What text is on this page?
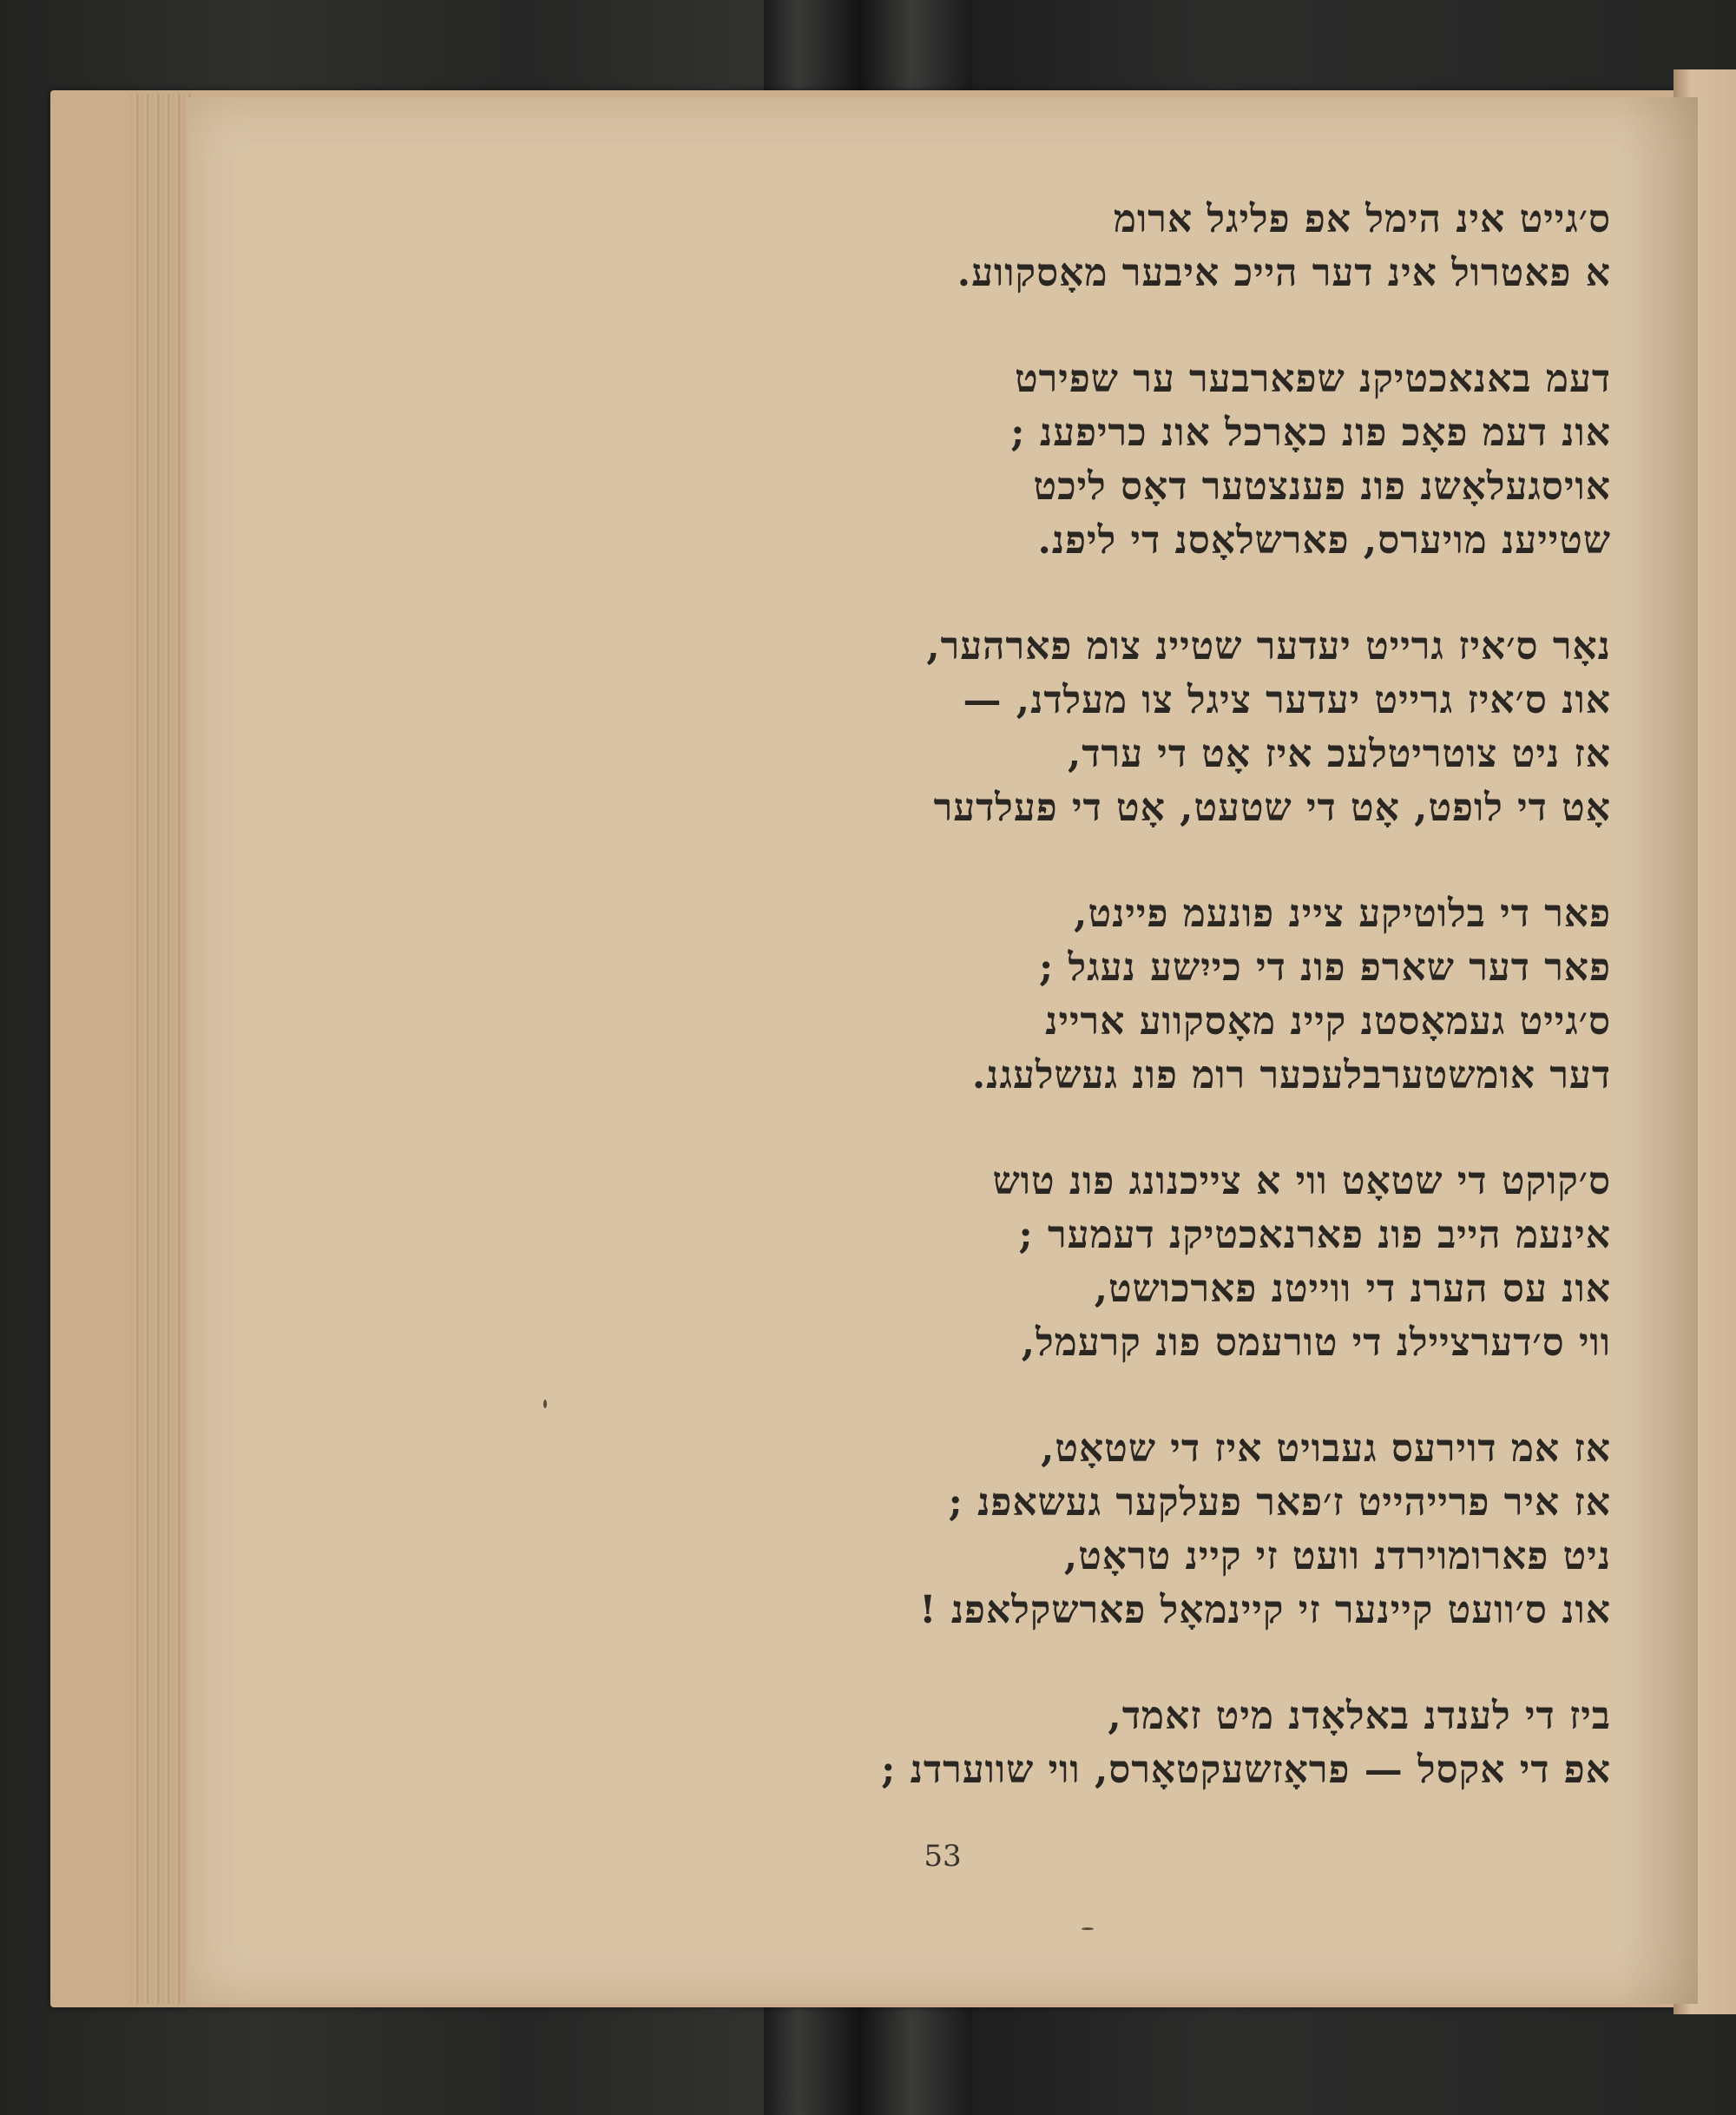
ס׳גייט אינ הימל אפ פליגל ארומ
א פאטרול אינ דער הייכ איבער מאָסקווע.
דעמ באנאכטיקנ שפארבער ער שפירט
אונ דעמ פאָכ פונ כאָרכל אונ כריפענ ;
אויסגעלאָשנ פונ פענצטער דאָס ליכט
שטייענ מויערס, פארשלאָסנ די ליפנ.
נאָר ס׳איז גרייט יעדער שטיינ צומ פארהער,
אונ ס׳איז גרייט יעדער ציגל צו מעלדנ, —
אז ניט צוטריטלעכ איז אָט די ערד,
אָט די לופט, אָט די שטעט, אָט די פעלדער
פאר די בלוטיקע ציינ פונעמ פיינט,
פאר דער שארפ פונ די כייִשע נעגל ;
ס׳גייט געמאָסטנ קיינ מאָסקווע אריינ
דער אומשטערבלעכער רומ פונ געשלעגנ.
ס׳קוקט די שטאָט ווי א צייכנונג פונ טוש
אינעמ הייב פונ פארנאכטיקנ דעמער ;
אונ עס הערנ די ווייטנ פארכושט,
ווי ס׳דערציילנ די טורעמס פונ קרעמל,
אז אמ דוירעס געבויט איז די שטאָט,
אז איר פרייהייט ז׳פאר פעלקער געשאפנ ;
ניט פארומוירדנ וועט זי קיינ טראָט,
אונ ס׳וועט קיינער זי קיינמאָל פארשקלאפנ !
ביז די לענדנ באלאָדנ מיט זאמד,
אפ די אקסל — פראָזשעקטאָרס, ווי שווערדנ ;
53
